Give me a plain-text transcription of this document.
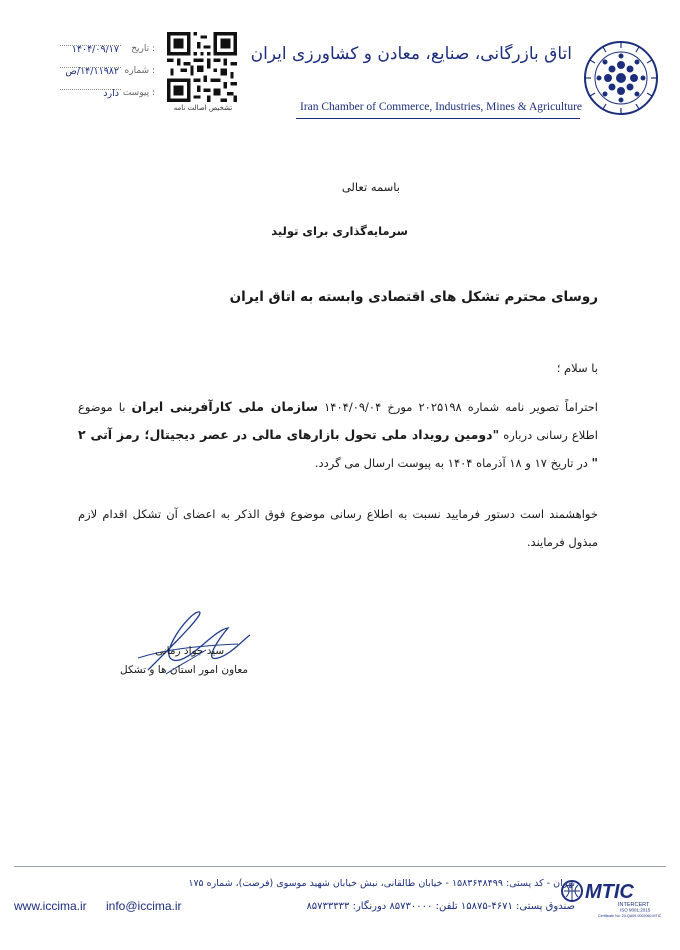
اتاق بازرگانی، صنایع، معادن و کشاورزی ایران
Iran Chamber of Commerce, Industries, Mines & Agriculture
تشخیص اصالت نامه
: تاریخ
۱۴۰۴/۰۹/۱۷
: شماره
۱۴/۱۱۹۸۲/ص
: پیوست
دارد
باسمه تعالی
سرمایه‌گذاری برای تولید
روسای محترم تشکل های اقتصادی وابسته به اتاق ایران
با سلام ؛
احتراماً تصویر نامه شماره ۲۰۲۵۱۹۸ مورخ ۱۴۰۴/۰۹/۰۴ سازمان ملی کارآفرینی ایران با موضوع اطلاع رسانی درباره "دومین رویداد ملی تحول بازارهای مالی در عصر دیجیتال؛ رمز آتی ۲ " در تاریخ ۱۷ و ۱۸ آذرماه ۱۴۰۴ به پیوست ارسال می گردد.
خواهشمند است دستور فرمایید نسبت به اطلاع رسانی موضوع فوق الذکر به اعضای آن تشکل اقدام لازم مبذول فرمایند.
سید جواد زمانی
معاون امور استان ها و تشکل
تهران - کد پستی: ۱۵۸۳۶۴۸۴۹۹ - خیابان طالقانی، نبش خیابان شهید موسوی (فرصت)، شماره ۱۷۵
صندوق پستی: ۴۶۷۱-۱۵۸۷۵ تلفن: ۸۵۷۳۰۰۰۰ دورنگار: ۸۵۷۳۳۳۳۳
www.iccima.ir info@iccima.ir
MTIC
INTERCERT
ISO 9001:2015
Certificate No: 20-QA09-0002060-MTIC
